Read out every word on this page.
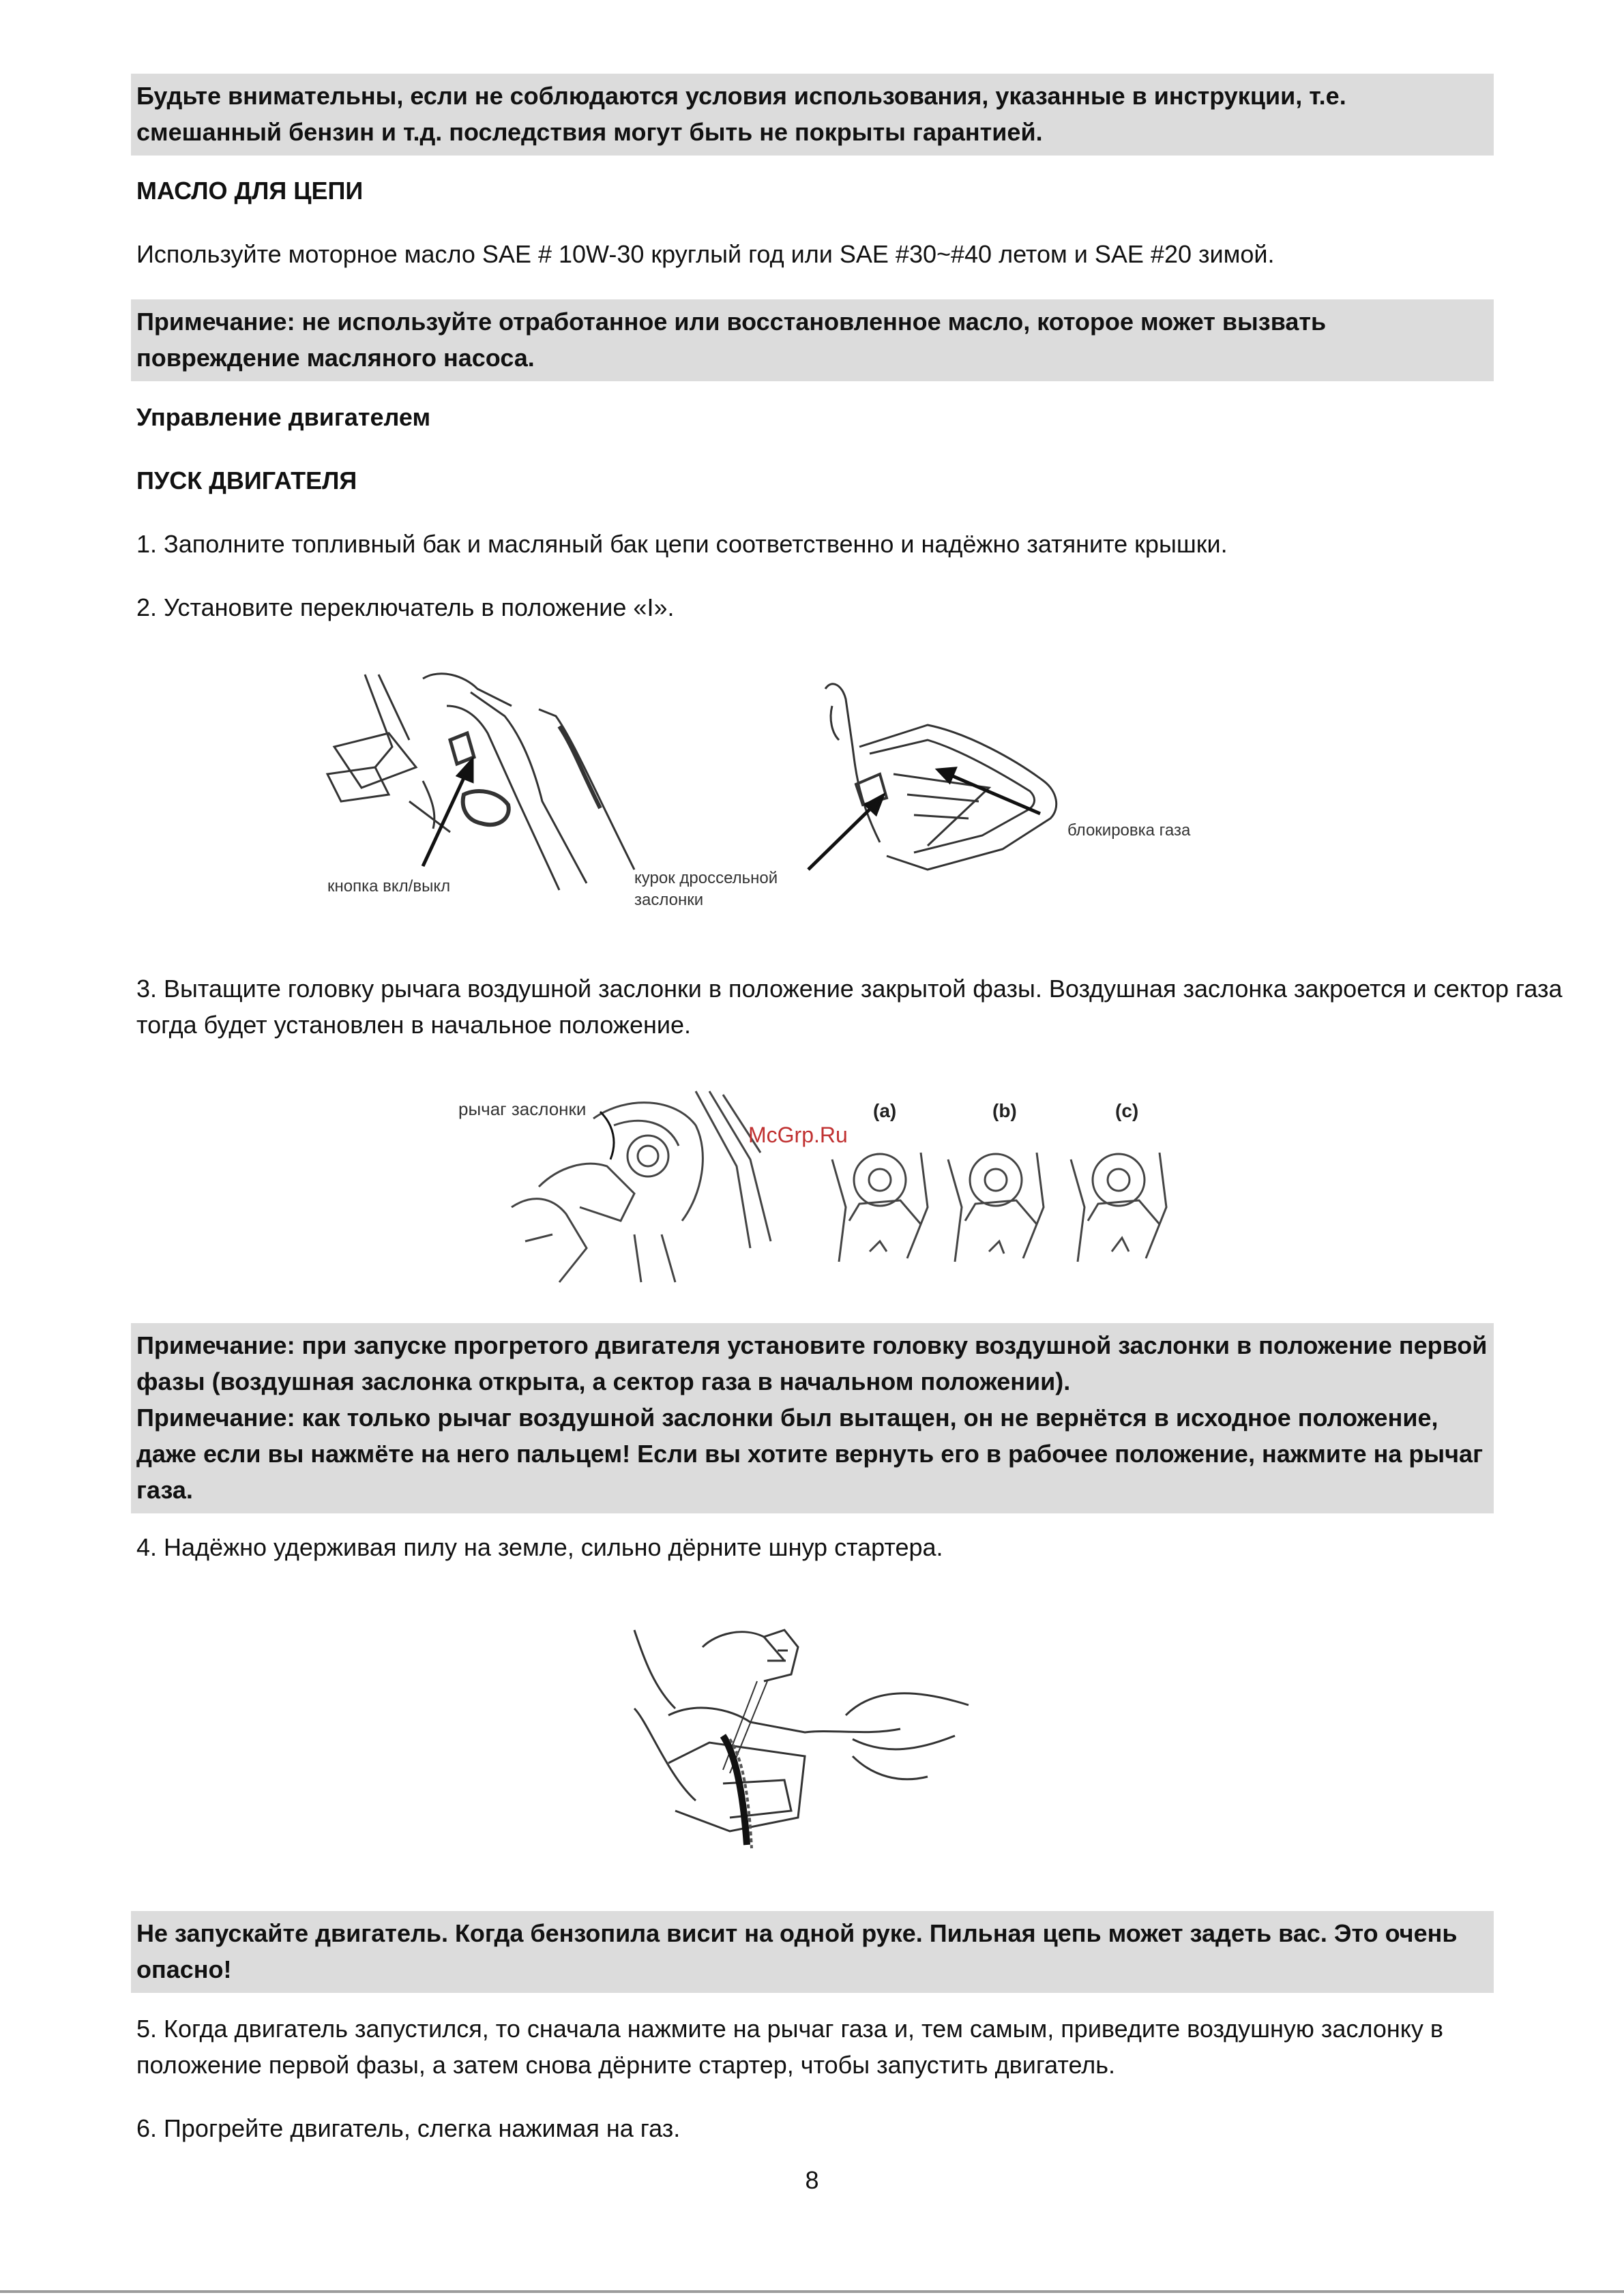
Будьте внимательны, если не соблюдаются условия использования, указанные в инструкции, т.е. смешанный бензин и т.д. последствия могут быть не покрыты гарантией.

МАСЛО ДЛЯ ЦЕПИ

Используйте моторное масло SAE # 10W-30 круглый год или SAE #30~#40 летом и SAE #20 зимой.

Примечание: не используйте отработанное или восстановленное масло, которое может вызвать повреждение масляного насоса.

Управление двигателем

ПУСК ДВИГАТЕЛЯ

1. Заполните топливный бак и масляный бак цепи соответственно и надёжно затяните крышки.

2. Установите переключатель в положение «I».

кнопка вкл/выкл	курок дроссельной
заслонки
блокировка газа

3. Вытащите головку рычага воздушной заслонки в положение закрытой фазы. Воздушная заслонка закроется и сектор газа тогда будет установлен в начальное положение.

рычаг заслонки	(a)	(b)	(c)
McGrp.Ru

Примечание: при запуске прогретого двигателя установите головку воздушной заслонки в положение первой фазы (воздушная заслонка открыта, а сектор газа в начальном положении).

Примечание: как только рычаг воздушной заслонки был вытащен, он не вернётся в исходное положение, даже если вы нажмёте на него пальцем! Если вы хотите вернуть его в рабочее положение, нажмите на рычаг газа.

4. Надёжно удерживая пилу на земле, сильно дёрните шнур стартера.

Не запускайте двигатель. Когда бензопила висит на одной руке. Пильная цепь может задеть вас. Это очень опасно!

5. Когда двигатель запустился, то сначала нажмите на рычаг газа и, тем самым, приведите воздушную заслонку в положение первой фазы, а затем снова дёрните стартер, чтобы запустить двигатель.

6. Прогрейте двигатель, слегка нажимая на газ.

8
